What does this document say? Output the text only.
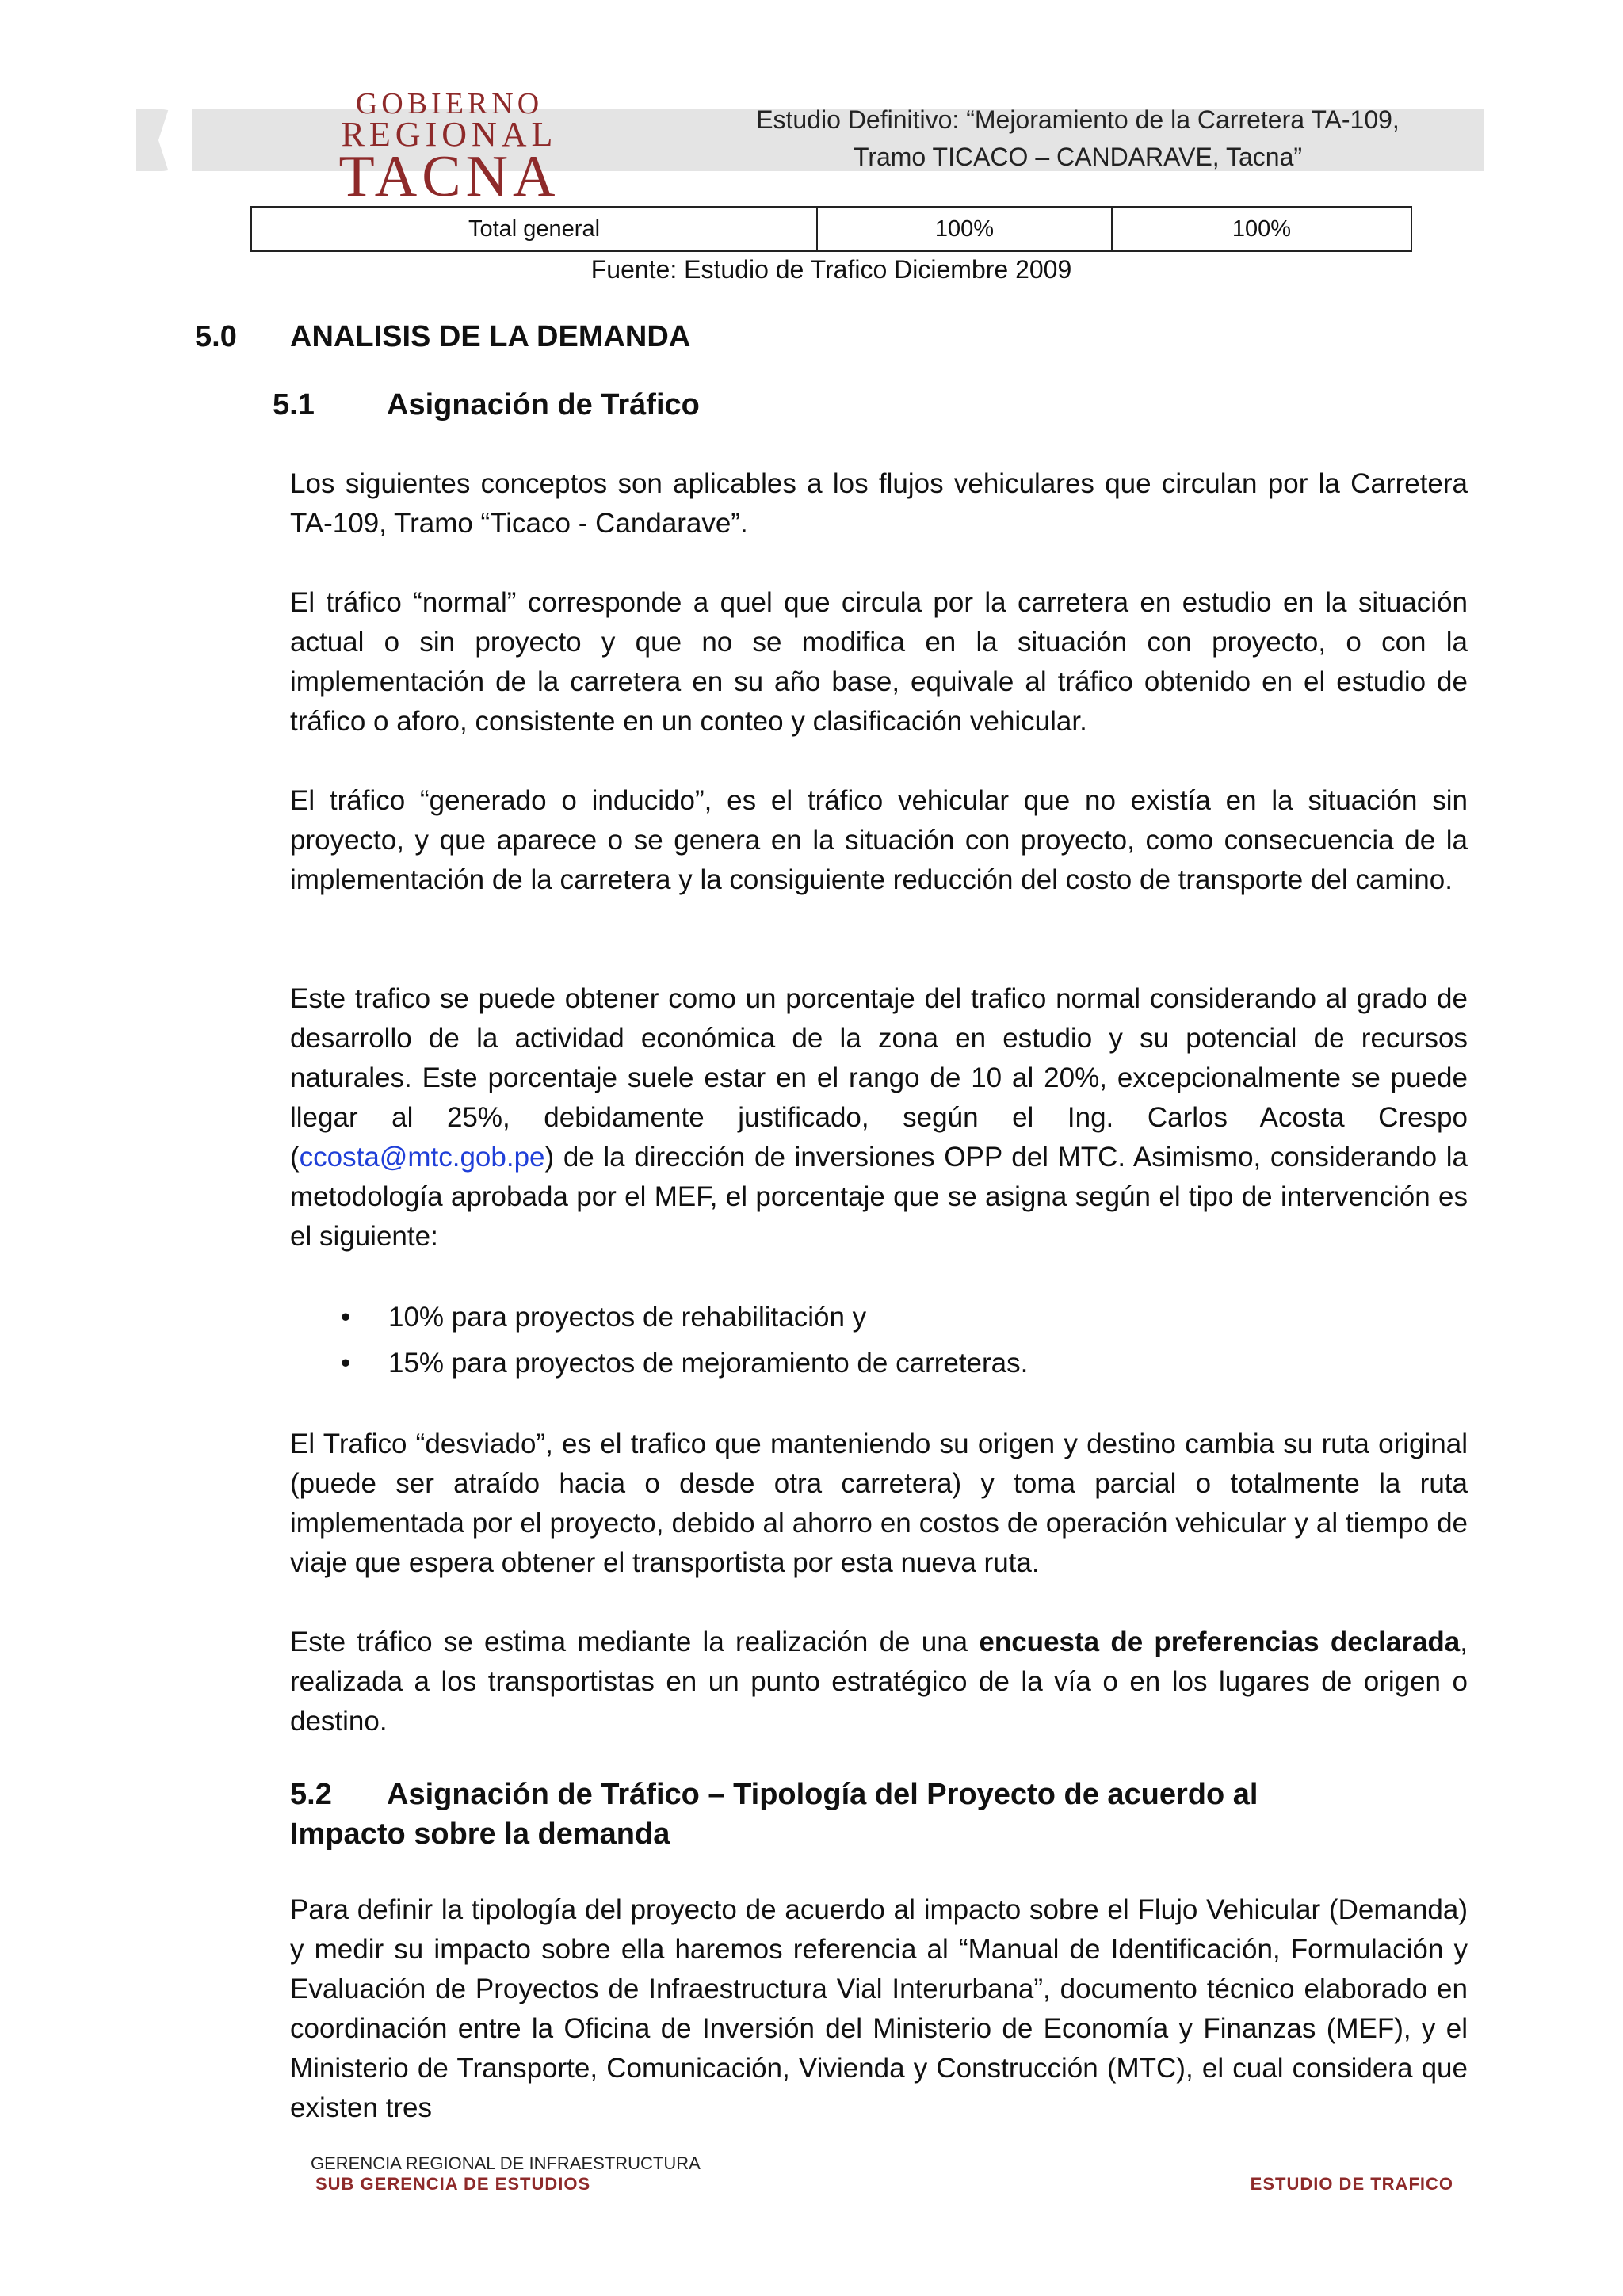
GOBIERNO
REGIONAL
TACNA
Estudio Definitivo: “Mejoramiento de la Carretera TA-109,
Tramo TICACO – CANDARAVE, Tacna”
Total general	100%	100%
Fuente: Estudio de Trafico Diciembre 2009
5.0 ANALISIS DE LA DEMANDA
5.1 Asignación de Tráfico
Los siguientes conceptos son aplicables a los flujos vehiculares que circulan por la Carretera TA-109, Tramo “Ticaco - Candarave”.
El tráfico “normal” corresponde a quel que circula por la carretera en estudio en la situación actual o sin proyecto y que no se modifica en la situación con proyecto, o con la implementación de la carretera en su año base, equivale al tráfico obtenido en el estudio de tráfico o aforo, consistente en un conteo y clasificación vehicular.
El tráfico “generado o inducido”, es el tráfico vehicular que no existía en la situación sin proyecto, y que aparece o se genera en la situación con proyecto, como consecuencia de la implementación de la carretera y la consiguiente reducción del costo de transporte del camino.
Este trafico se puede obtener como un porcentaje del trafico normal considerando al grado de desarrollo de la actividad económica de la zona en estudio y su potencial de recursos naturales. Este porcentaje suele estar en el rango de 10 al 20%, excepcionalmente se puede llegar al 25%, debidamente justificado, según el Ing. Carlos Acosta Crespo (ccosta@mtc.gob.pe) de la dirección de inversiones OPP del MTC. Asimismo, considerando la metodología aprobada por el MEF, el porcentaje que se asigna según el tipo de intervención es el siguiente:
• 10% para proyectos de rehabilitación y
• 15% para proyectos de mejoramiento de carreteras.
El Trafico “desviado”, es el trafico que manteniendo su origen y destino cambia su ruta original (puede ser atraído hacia o desde otra carretera) y toma parcial o totalmente la ruta implementada por el proyecto, debido al ahorro en costos de operación vehicular y al tiempo de viaje que espera obtener el transportista por esta nueva ruta.
Este tráfico se estima mediante la realización de una encuesta de preferencias declarada, realizada a los transportistas en un punto estratégico de la vía o en los lugares de origen o destino.
5.2 Asignación de Tráfico – Tipología del Proyecto de acuerdo al
Impacto sobre la demanda
Para definir la tipología del proyecto de acuerdo al impacto sobre el Flujo Vehicular (Demanda) y medir su impacto sobre ella haremos referencia al “Manual de Identificación, Formulación y Evaluación de Proyectos de Infraestructura Vial Interurbana”, documento técnico elaborado en coordinación entre la Oficina de Inversión del Ministerio de Economía y Finanzas (MEF), y el Ministerio de Transporte, Comunicación, Vivienda y Construcción (MTC), el cual considera que existen tres
GERENCIA REGIONAL DE INFRAESTRUCTURA
SUB GERENCIA DE ESTUDIOS	ESTUDIO DE TRAFICO
